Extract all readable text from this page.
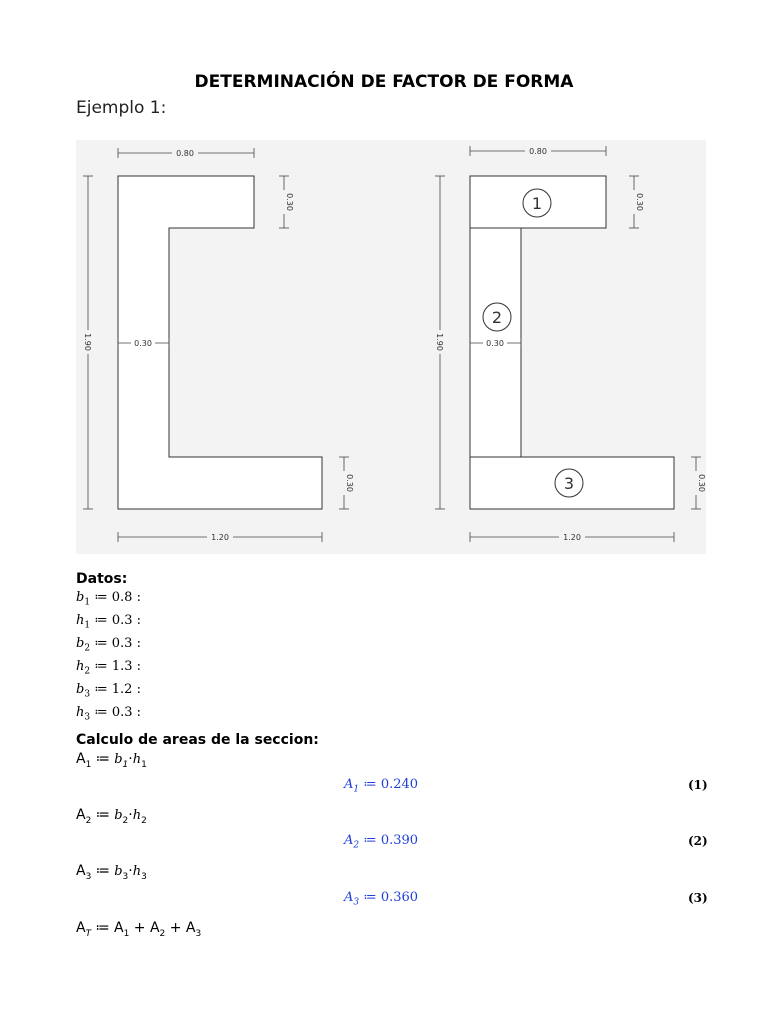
DETERMINACIÓN DE FACTOR DE FORMA
Ejemplo 1:
0.80
0.30
1.90	0.30
0.30
1.20
1
2
3
0.80
0.30
1.90	0.30
0.30
1.20
Datos:
$b_1$ ≔ 0.8 :
$h_1$ ≔ 0.3 :
$b_2$ ≔ 0.3 :
$h_2$ ≔ 1.3 :
$b_3$ ≔ 1.2 :
$h_3$ ≔ 0.3 :
Calculo de areas de la seccion:
$A_1$ ≔ $b_1\cdot h_1$
$A_1$ ≔ 0.240	(1)
$A_2$ ≔ $b_2\cdot h_2$
$A_2$ ≔ 0.390	(2)
$A_3$ ≔ $b_3\cdot h_3$
$A_3$ ≔ 0.360	(3)
$A_T$ ≔ $A_1 + A_2 + A_3$
